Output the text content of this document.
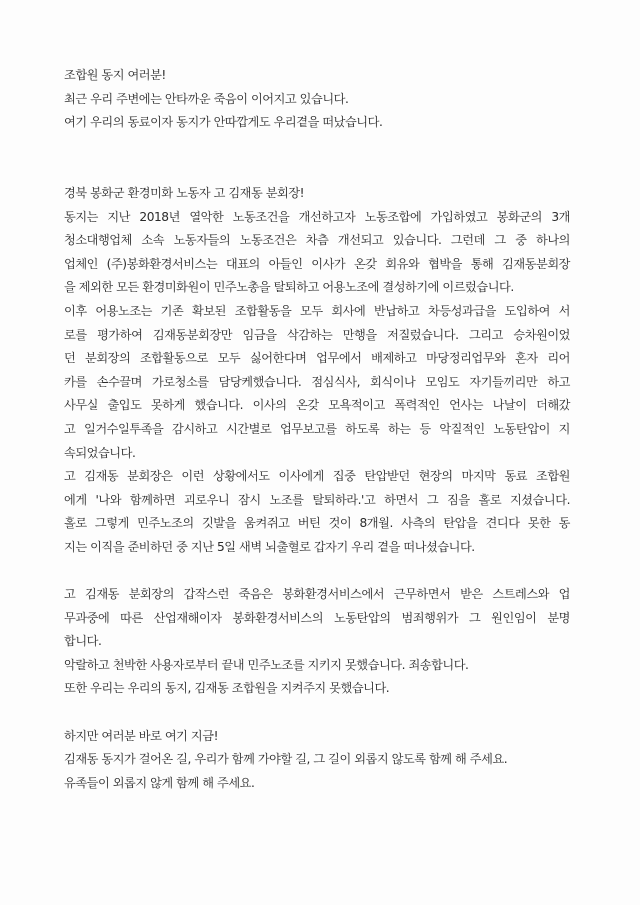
조합원 동지 여러분!
최근 우리 주변에는 안타까운 죽음이 이어지고 있습니다.
여기 우리의 동료이자 동지가 안따깝게도 우리곁을 떠났습니다.
경북 봉화군 환경미화 노동자 고 김재동 분회장!
동지는 지난 2018년 열악한 노동조건을 개선하고자 노동조합에 가입하였고 봉화군의 3개
청소대행업체 소속 노동자들의 노동조건은 차츰 개선되고 있습니다. 그런데 그 중 하나의
업체인 (주)봉화환경서비스는 대표의 아들인 이사가 온갖 회유와 협박을 통해 김재동분회장
을 제외한 모든 환경미화원이 민주노총을 탈퇴하고 어용노조에 결성하기에 이르렀습니다.
이후 어용노조는 기존 확보된 조합활동을 모두 회사에 반납하고 차등성과급을 도입하여 서
로를 평가하여 김재동분회장만 임금을 삭감하는 만행을 저질렀습니다. 그리고 승차원이었
던 분회장의 조합활동으로 모두 싫어한다며 업무에서 배제하고 마당정리업무와 혼자 리어
카를 손수끌며 가로청소를 담당케했습니다. 점심식사, 회식이나 모임도 자기들끼리만 하고
사무실 출입도 못하게 했습니다. 이사의 온갖 모욕적이고 폭력적인 언사는 나날이 더해갔
고 일거수일투족을 감시하고 시간별로 업무보고를 하도록 하는 등 악질적인 노동탄압이 지
속되었습니다.
고 김재동 분회장은 이런 상황에서도 이사에게 집중 탄압받던 현장의 마지막 동료 조합원
에게 '나와 함께하면 괴로우니 잠시 노조를 탈퇴하라.'고 하면서 그 짐을 홀로 지셨습니다.
홀로 그렇게 민주노조의 깃발을 움켜쥐고 버틴 것이 8개월. 사측의 탄압을 견디다 못한 동
지는 이직을 준비하던 중 지난 5일 새벽 뇌출혈로 갑자기 우리 곁을 떠나셨습니다.
고 김재동 분회장의 갑작스런 죽음은 봉화환경서비스에서 근무하면서 받은 스트레스와 업
무과중에 따른 산업재해이자 봉화환경서비스의 노동탄압의 범죄행위가 그 원인임이 분명
합니다.
악랄하고 천박한 사용자로부터 끝내 민주노조를 지키지 못했습니다. 죄송합니다.
또한 우리는 우리의 동지, 김재동 조합원을 지켜주지 못했습니다.
하지만 여러분 바로 여기 지금!
김재동 동지가 걸어온 길, 우리가 함께 가야할 길, 그 길이 외롭지 않도록 함께 해 주세요.
유족들이 외롭지 않게 함께 해 주세요.
